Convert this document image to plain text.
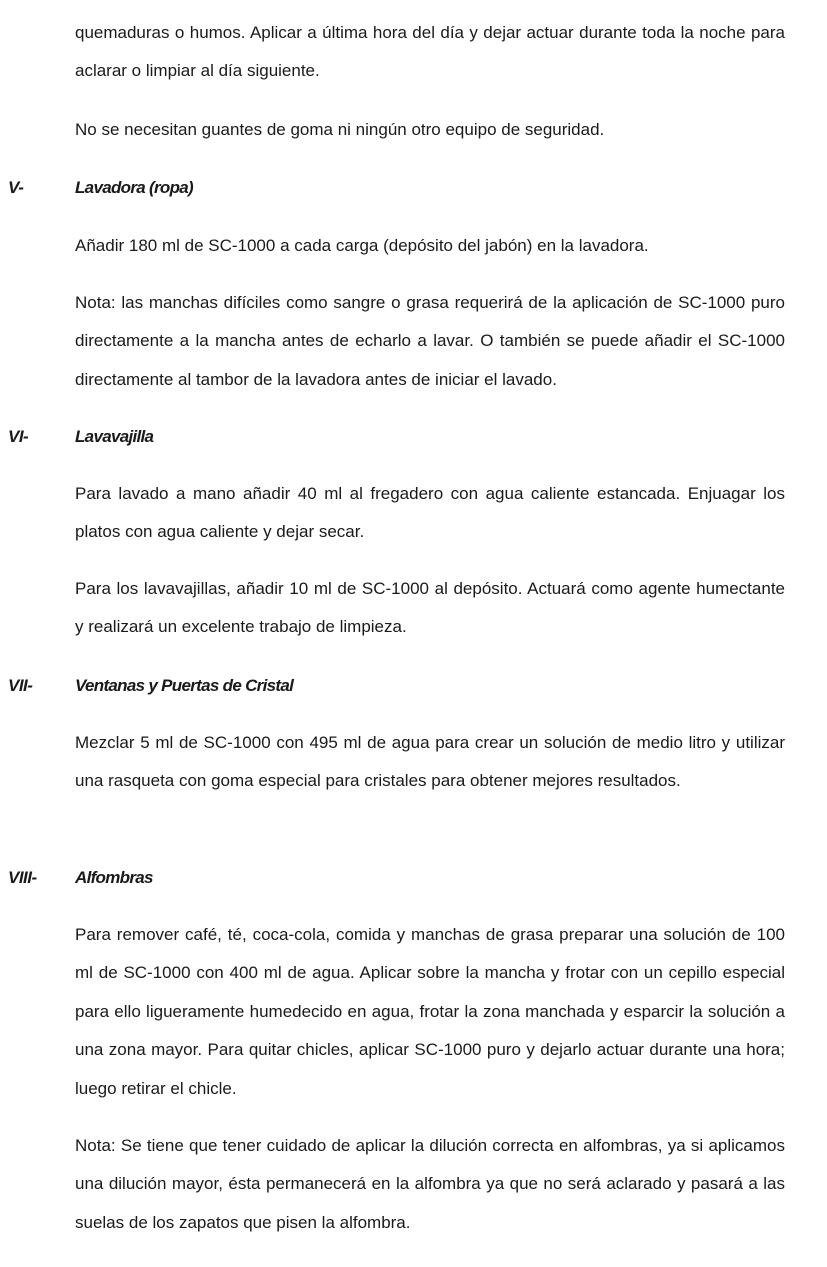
quemaduras o humos. Aplicar a última hora del día y dejar actuar durante toda la noche para aclarar o limpiar al día siguiente.

No se necesitan guantes de goma ni ningún otro equipo de seguridad.

V-	Lavadora (ropa)

Añadir 180 ml de SC-1000 a cada carga (depósito del jabón) en la lavadora.

Nota: las manchas difíciles como sangre o grasa requerirá de la aplicación de SC-1000 puro directamente a la mancha antes de echarlo a lavar. O también se puede añadir el SC-1000 directamente al tambor de la lavadora antes de iniciar el lavado.

VI-	Lavavajilla

Para lavado a mano añadir 40 ml al fregadero con agua caliente estancada. Enjuagar los platos con agua caliente y dejar secar.

Para los lavavajillas, añadir 10 ml de SC-1000 al depósito. Actuará como agente humectante y realizará un excelente trabajo de limpieza.

VII-	Ventanas y Puertas de Cristal

Mezclar 5 ml de SC-1000 con 495 ml de agua para crear un solución de medio litro y utilizar una rasqueta con goma especial para cristales para obtener mejores resultados.

VIII- Alfombras

Para remover café, té, coca-cola, comida y manchas de grasa preparar una solución de 100 ml de SC-1000 con 400 ml de agua. Aplicar sobre la mancha y frotar con un cepillo especial para ello ligueramente humedecido en agua, frotar la zona manchada y esparcir la solución a una zona mayor. Para quitar chicles, aplicar SC-1000 puro y dejarlo actuar durante una hora; luego retirar el chicle.

Nota: Se tiene que tener cuidado de aplicar la dilución correcta en alfombras, ya si aplicamos una dilución mayor, ésta permanecerá en la alfombra ya que no será aclarado y pasará a las suelas de los zapatos que pisen la alfombra.
